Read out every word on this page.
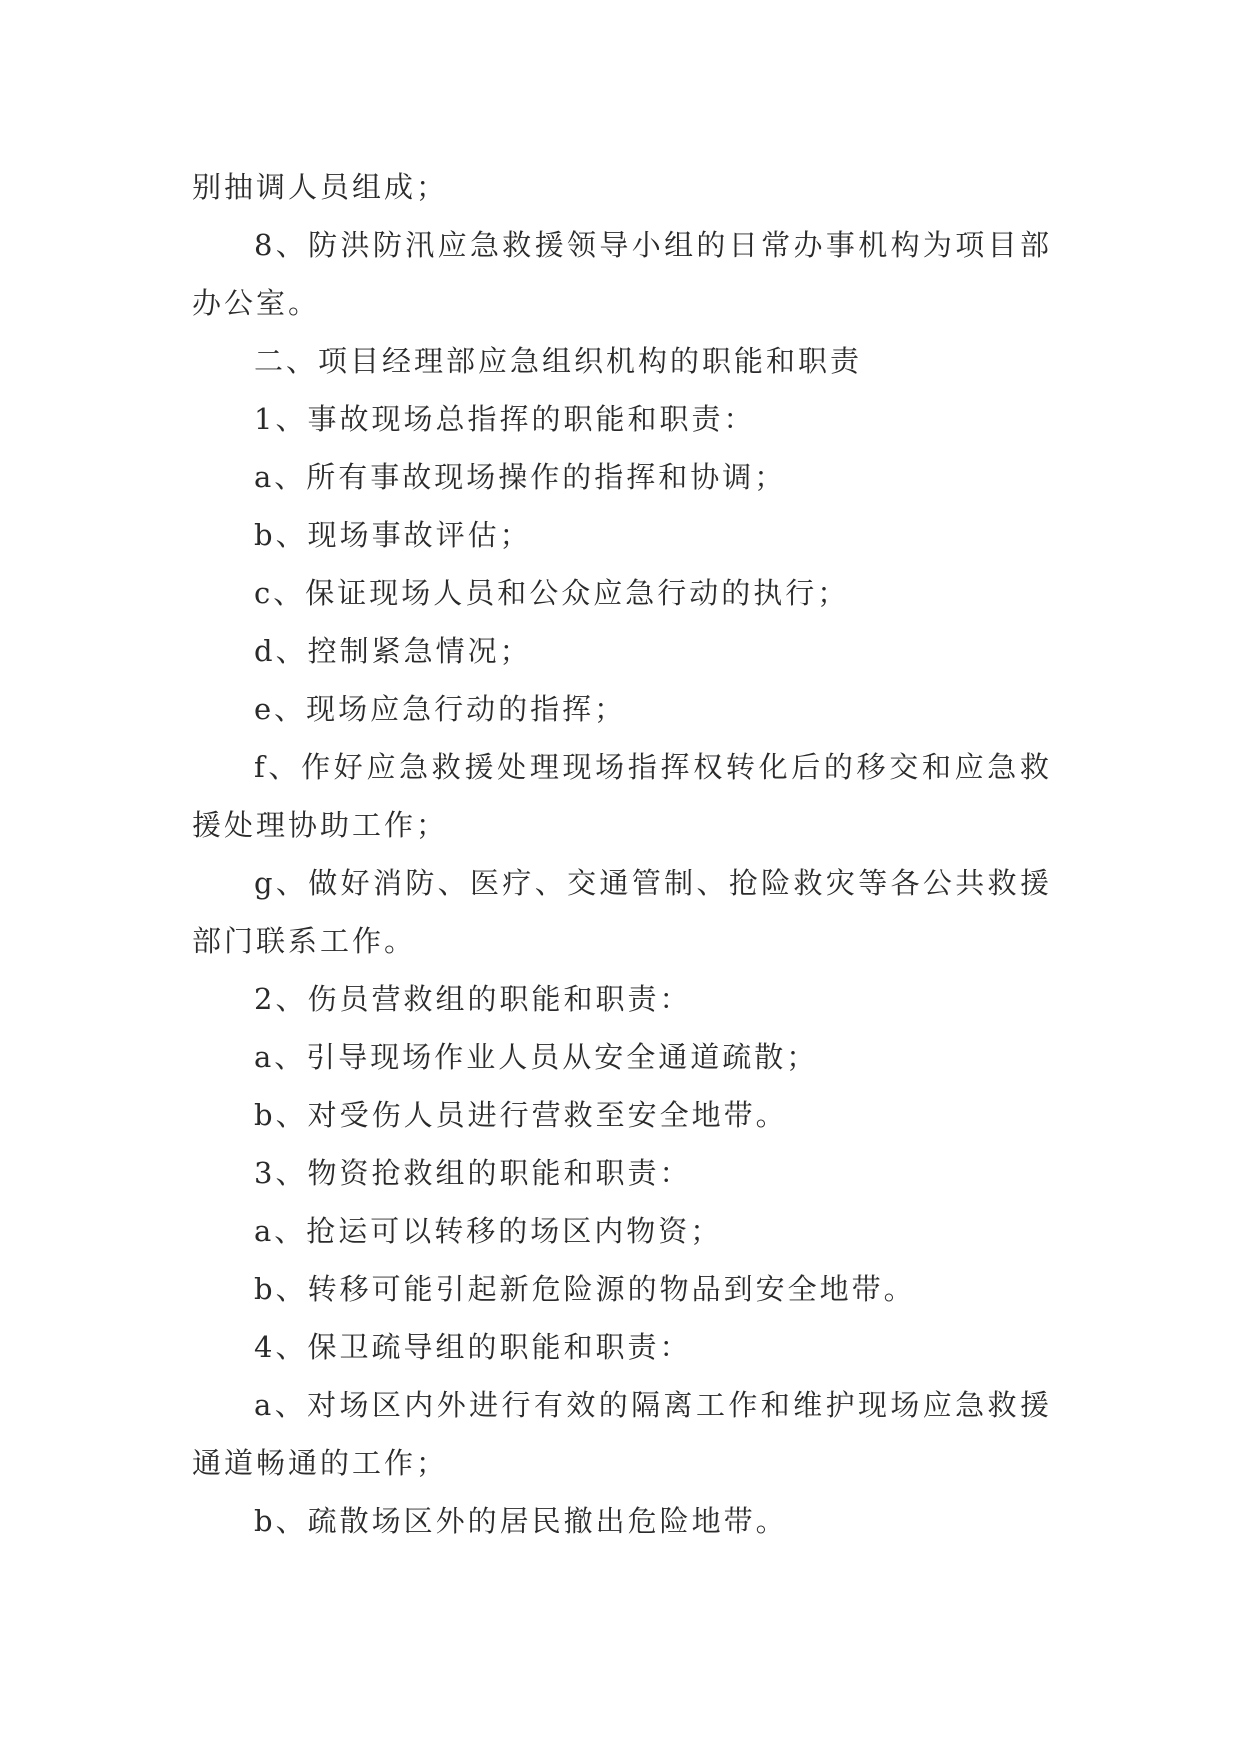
别抽调人员组成；

8、防洪防汛应急救援领导小组的日常办事机构为项目部办公室。

二、项目经理部应急组织机构的职能和职责

1、事故现场总指挥的职能和职责：

a、所有事故现场操作的指挥和协调；

b、现场事故评估；

c、保证现场人员和公众应急行动的执行；

d、控制紧急情况；

e、现场应急行动的指挥；

f、作好应急救援处理现场指挥权转化后的移交和应急救援处理协助工作；

g、做好消防、医疗、交通管制、抢险救灾等各公共救援部门联系工作。

2、伤员营救组的职能和职责：

a、引导现场作业人员从安全通道疏散；

b、对受伤人员进行营救至安全地带。

3、物资抢救组的职能和职责：

a、抢运可以转移的场区内物资；

b、转移可能引起新危险源的物品到安全地带。

4、保卫疏导组的职能和职责：

a、对场区内外进行有效的隔离工作和维护现场应急救援通道畅通的工作；

b、疏散场区外的居民撤出危险地带。
